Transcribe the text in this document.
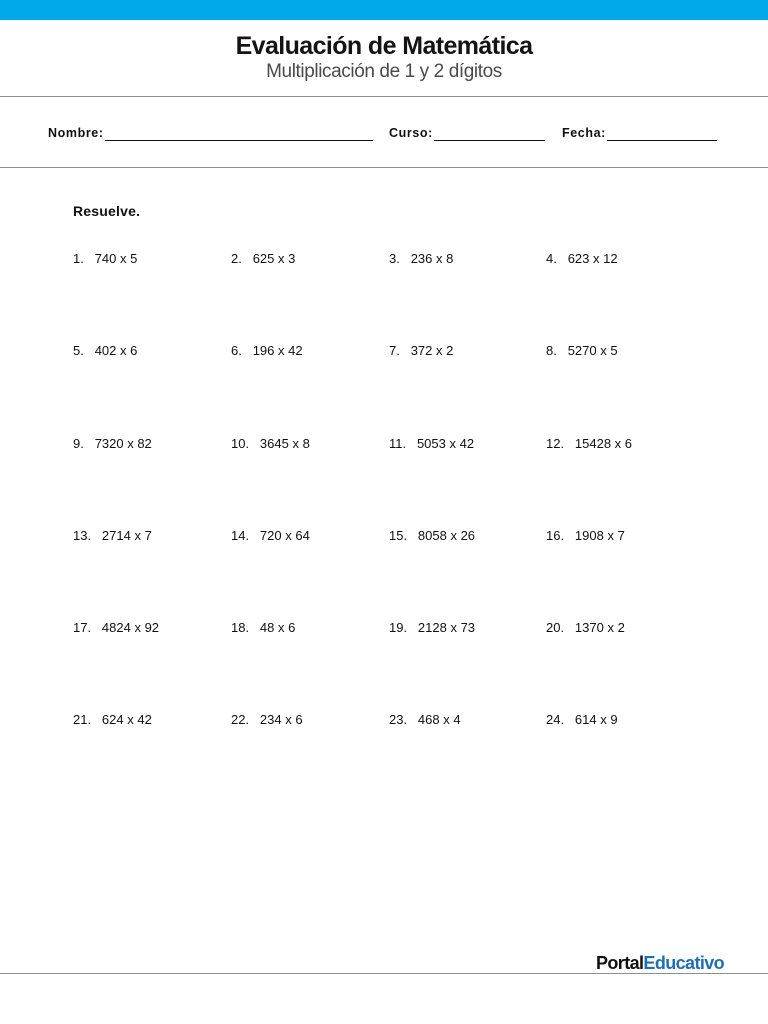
Evaluación de Matemática
Multiplicación de 1 y 2 dígitos
Nombre:	Curso:	Fecha:
Resuelve.
1. 740 x 5	2. 625 x 3	3. 236 x 8	4. 623 x 12
5. 402 x 6	6. 196 x 42	7. 372 x 2	8. 5270 x 5
9. 7320 x 82	10. 3645 x 8	11. 5053 x 42	12. 15428 x 6
13. 2714 x 7	14. 720 x 64	15. 8058 x 26	16. 1908 x 7
17. 4824 x 92	18. 48 x 6	19. 2128 x 73	20. 1370 x 2
21. 624 x 42	22. 234 x 6	23. 468 x 4	24. 614 x 9
PortalEducativo
